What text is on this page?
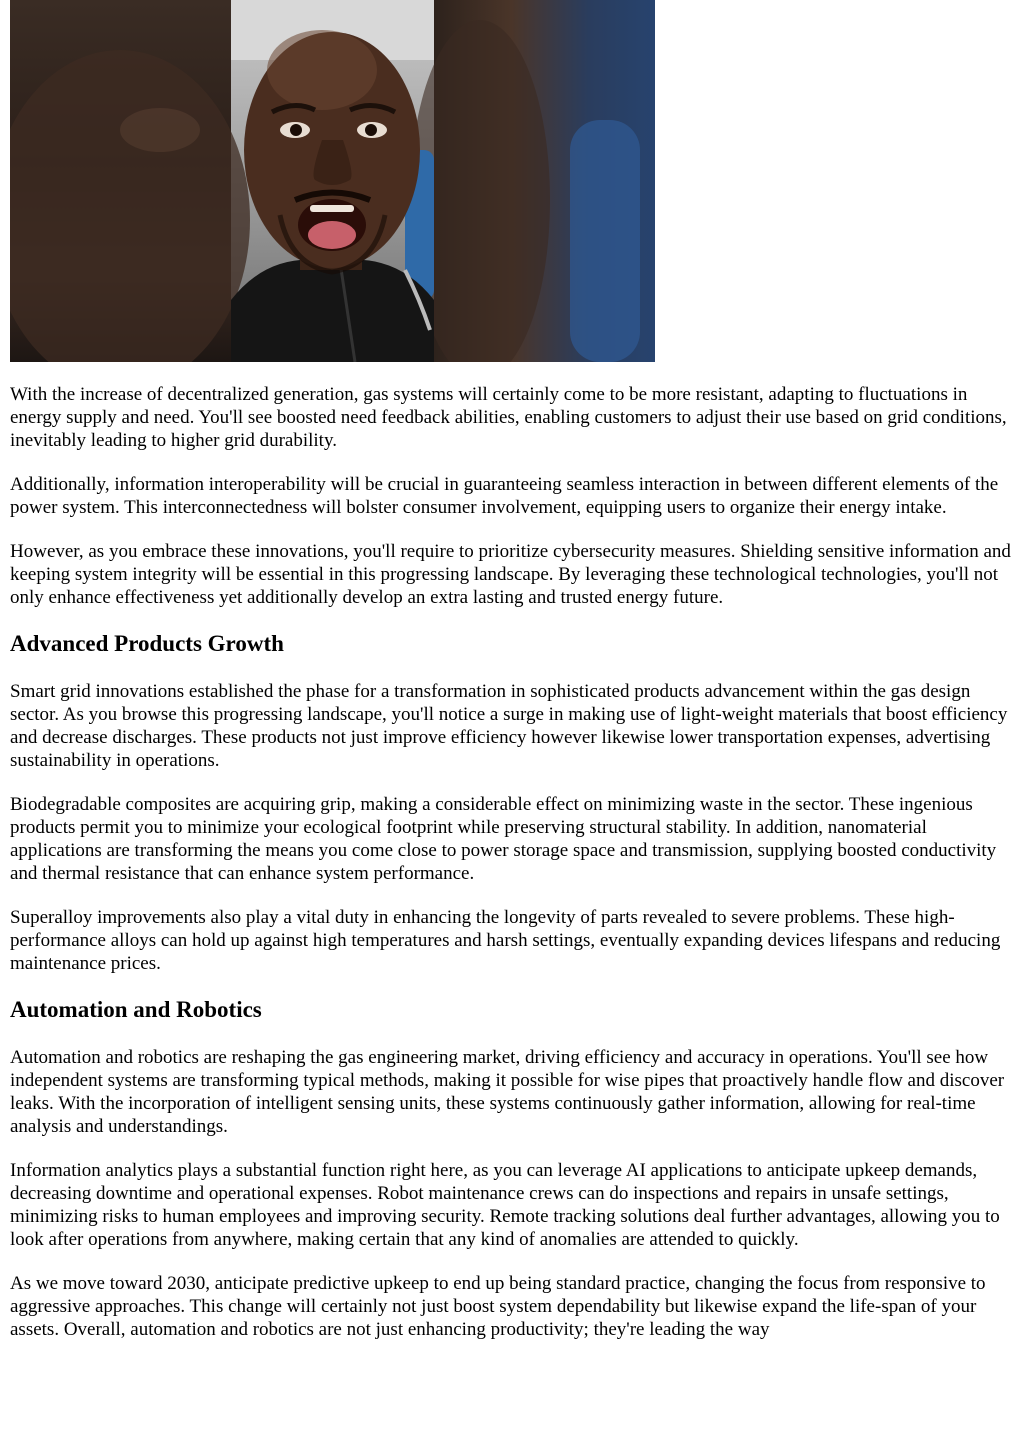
With the increase of decentralized generation, gas systems will certainly come to be more resistant, adapting to fluctuations in energy supply and need. You'll see boosted need feedback abilities, enabling customers to adjust their use based on grid conditions, inevitably leading to higher grid durability.

Additionally, information interoperability will be crucial in guaranteeing seamless interaction in between different elements of the power system. This interconnectedness will bolster consumer involvement, equipping users to organize their energy intake.

However, as you embrace these innovations, you'll require to prioritize cybersecurity measures. Shielding sensitive information and keeping system integrity will be essential in this progressing landscape. By leveraging these technological technologies, you'll not only enhance effectiveness yet additionally develop an extra lasting and trusted energy future.

Advanced Products Growth

Smart grid innovations established the phase for a transformation in sophisticated products advancement within the gas design sector. As you browse this progressing landscape, you'll notice a surge in making use of light-weight materials that boost efficiency and decrease discharges. These products not just improve efficiency however likewise lower transportation expenses, advertising sustainability in operations.

Biodegradable composites are acquiring grip, making a considerable effect on minimizing waste in the sector. These ingenious products permit you to minimize your ecological footprint while preserving structural stability. In addition, nanomaterial applications are transforming the means you come close to power storage space and transmission, supplying boosted conductivity and thermal resistance that can enhance system performance.

Superalloy improvements also play a vital duty in enhancing the longevity of parts revealed to severe problems. These high-performance alloys can hold up against high temperatures and harsh settings, eventually expanding devices lifespans and reducing maintenance prices.

Automation and Robotics

Automation and robotics are reshaping the gas engineering market, driving efficiency and accuracy in operations. You'll see how independent systems are transforming typical methods, making it possible for wise pipes that proactively handle flow and discover leaks. With the incorporation of intelligent sensing units, these systems continuously gather information, allowing for real-time analysis and understandings.

Information analytics plays a substantial function right here, as you can leverage AI applications to anticipate upkeep demands, decreasing downtime and operational expenses. Robot maintenance crews can do inspections and repairs in unsafe settings, minimizing risks to human employees and improving security. Remote tracking solutions deal further advantages, allowing you to look after operations from anywhere, making certain that any kind of anomalies are attended to quickly.

As we move toward 2030, anticipate predictive upkeep to end up being standard practice, changing the focus from responsive to aggressive approaches. This change will certainly not just boost system dependability but likewise expand the life-span of your assets. Overall, automation and robotics are not just enhancing productivity; they're leading the way
